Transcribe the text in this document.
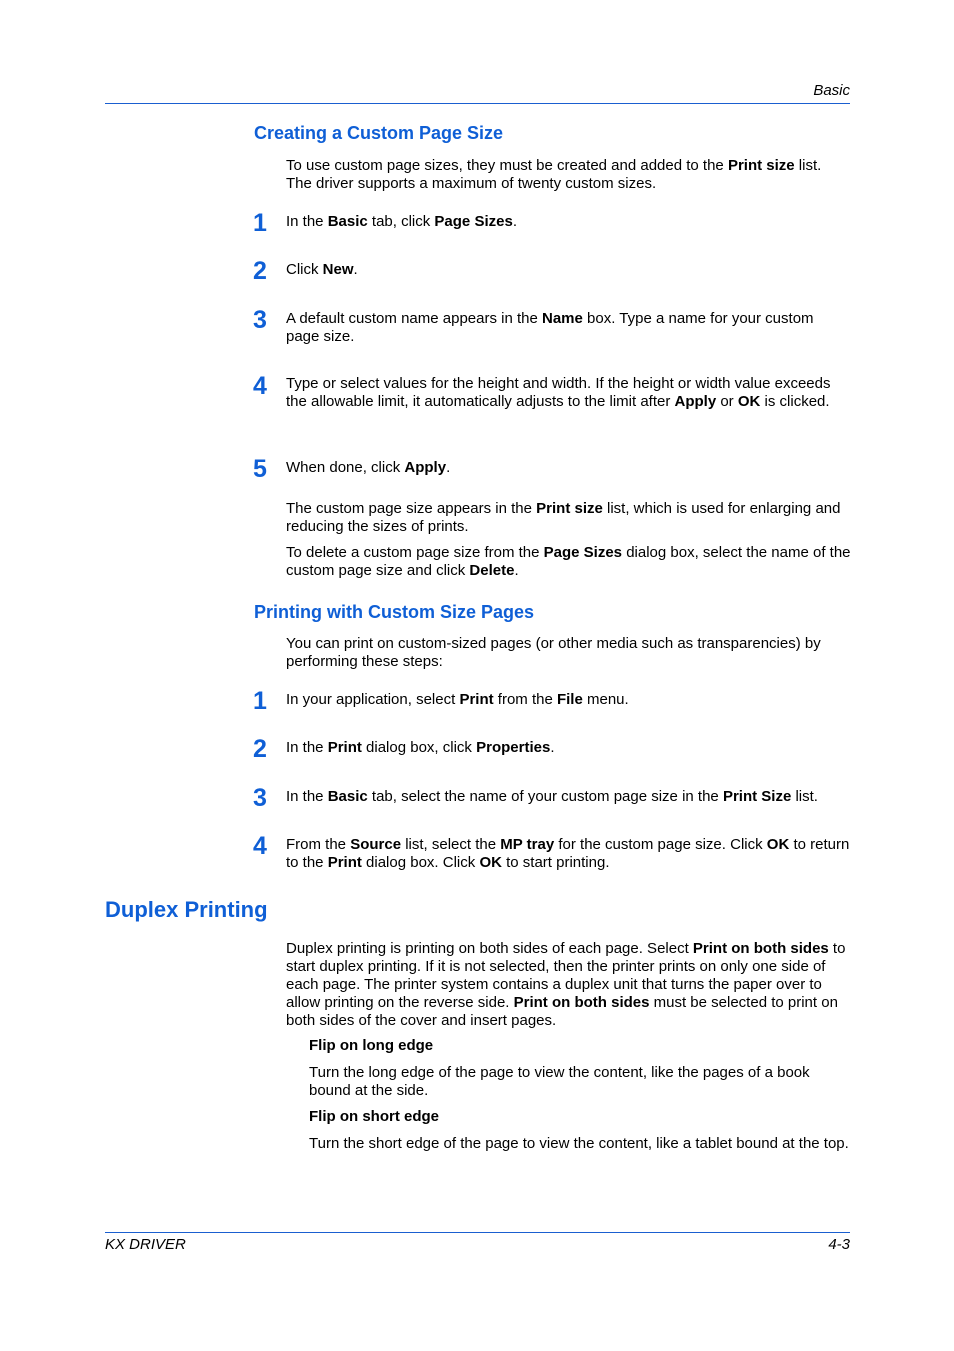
Basic
Creating a Custom Page Size
To use custom page sizes, they must be created and added to the Print size list. The driver supports a maximum of twenty custom sizes.
1 In the Basic tab, click Page Sizes.
2 Click New.
3 A default custom name appears in the Name box. Type a name for your custom page size.
4 Type or select values for the height and width. If the height or width value exceeds the allowable limit, it automatically adjusts to the limit after Apply or OK is clicked.
5 When done, click Apply.
The custom page size appears in the Print size list, which is used for enlarging and reducing the sizes of prints.
To delete a custom page size from the Page Sizes dialog box, select the name of the custom page size and click Delete.
Printing with Custom Size Pages
You can print on custom-sized pages (or other media such as transparencies) by performing these steps:
1 In your application, select Print from the File menu.
2 In the Print dialog box, click Properties.
3 In the Basic tab, select the name of your custom page size in the Print Size list.
4 From the Source list, select the MP tray for the custom page size. Click OK to return to the Print dialog box. Click OK to start printing.
Duplex Printing
Duplex printing is printing on both sides of each page. Select Print on both sides to start duplex printing. If it is not selected, then the printer prints on only one side of each page. The printer system contains a duplex unit that turns the paper over to allow printing on the reverse side. Print on both sides must be selected to print on both sides of the cover and insert pages.
Flip on long edge
Turn the long edge of the page to view the content, like the pages of a book bound at the side.
Flip on short edge
Turn the short edge of the page to view the content, like a tablet bound at the top.
KX DRIVER	4-3
